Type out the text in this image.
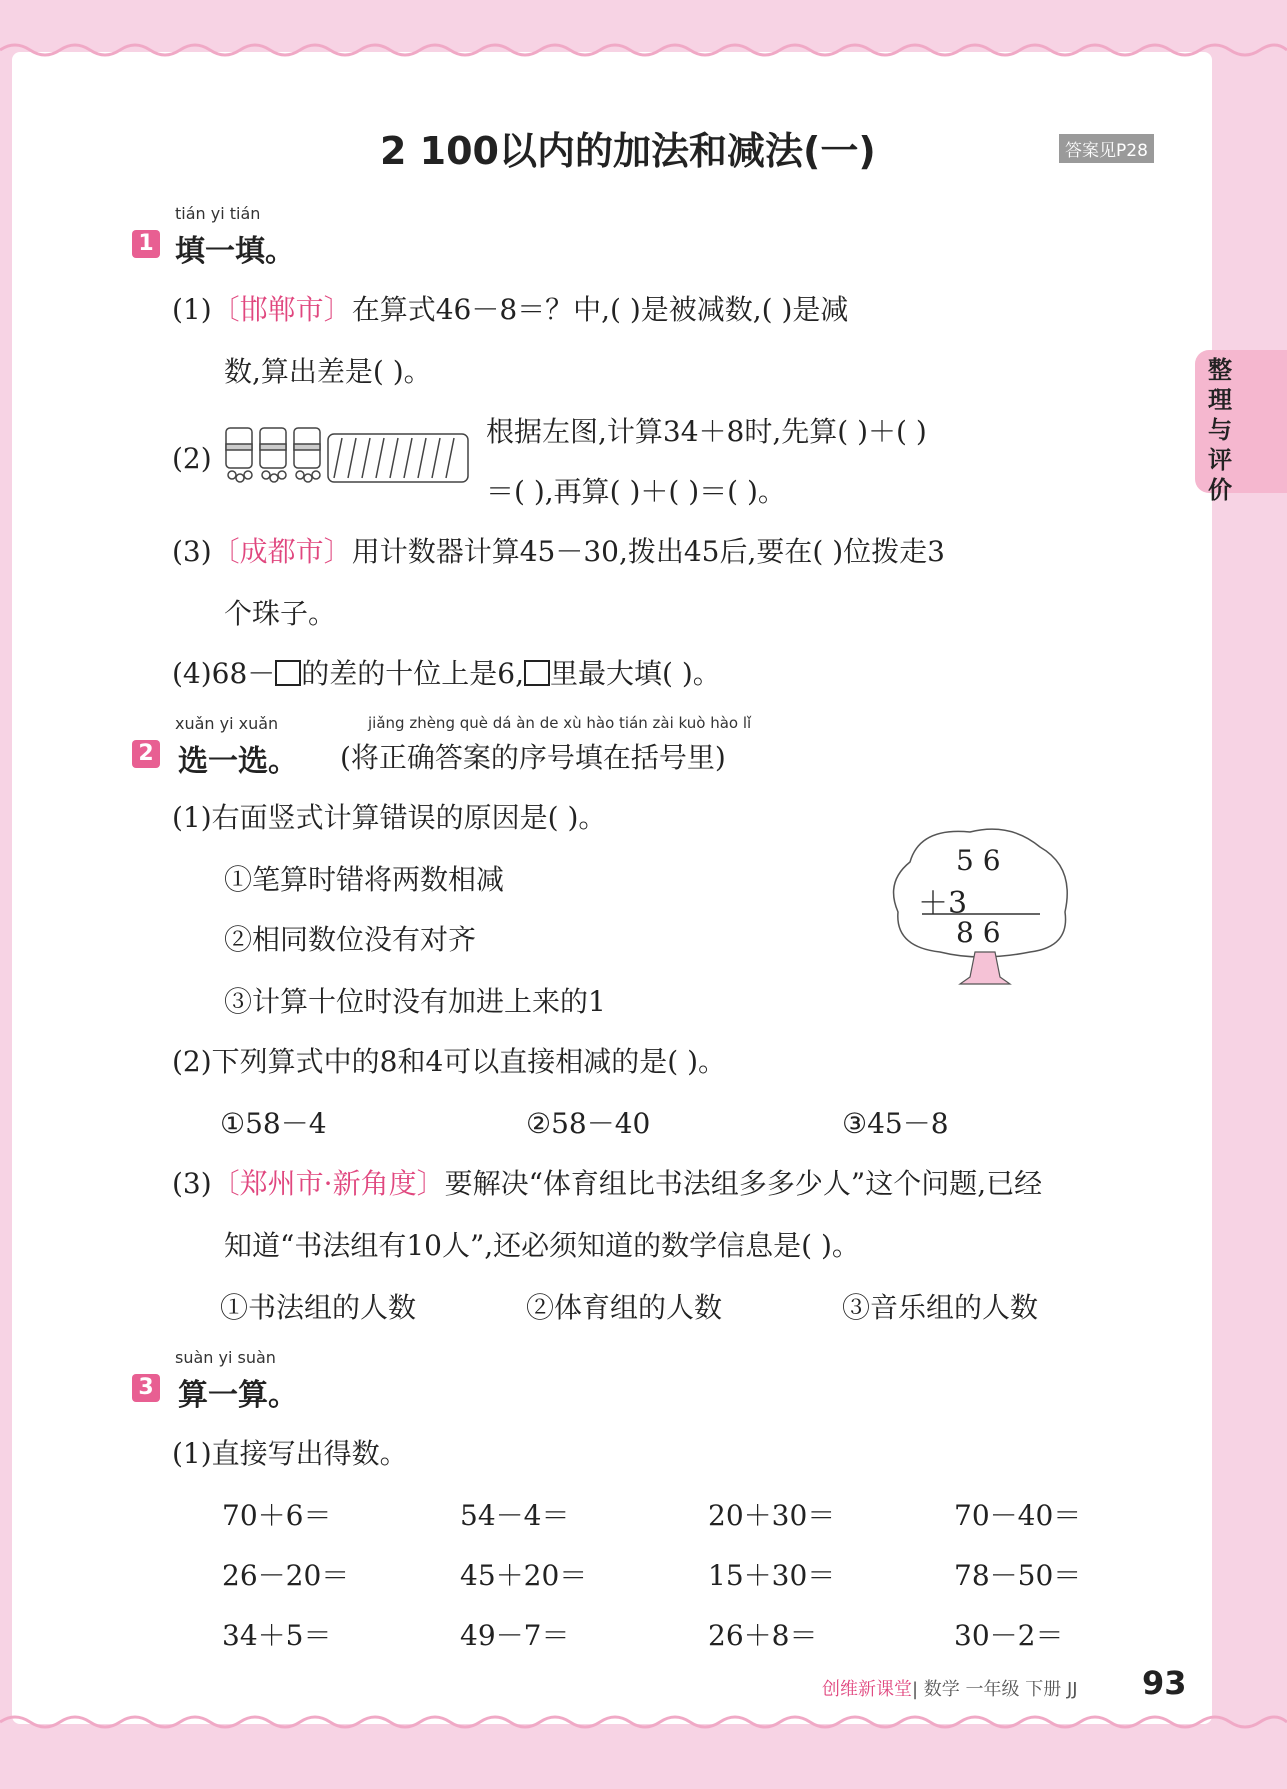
2 100以内的加法和减法(一)	答案见P28
整理与评价
tián yi tián
1 填一填。
(1)〔邯郸市〕在算式46－8＝？中,( )是被减数,( )是减
数,算出差是( )。
(2)
根据左图,计算34＋8时,先算( )＋( )
＝( ),再算( )＋( )＝( )。
(3)〔成都市〕用计数器计算45－30,拨出45后,要在( )位拨走3
个珠子。
(4)68－ 的差的十位上是6, 里最大填( )。
xuǎn yi xuǎn	jiǎng zhèng què dá àn de xù hào tián zài kuò hào lǐ
2 选一选。 (将正确答案的序号填在括号里)
(1)右面竖式计算错误的原因是( )。
①笔算时错将两数相减
②相同数位没有对齐
③计算十位时没有加进上来的1
5 6
＋3
8 6
(2)下列算式中的8和4可以直接相减的是( )。
①58－4	②58－40	③45－8
(3)〔郑州市·新角度〕要解决“体育组比书法组多多少人”这个问题,已经
知道“书法组有10人”,还必须知道的数学信息是( )。
①书法组的人数	②体育组的人数	③音乐组的人数
suàn yi suàn
3 算一算。
(1)直接写出得数。
70＋6＝	54－4＝	20＋30＝	70－40＝
26－20＝	45＋20＝	15＋30＝	78－50＝
34＋5＝	49－7＝	26＋8＝	30－2＝
创维新课堂| 数学 一年级 下册 JJ 93
